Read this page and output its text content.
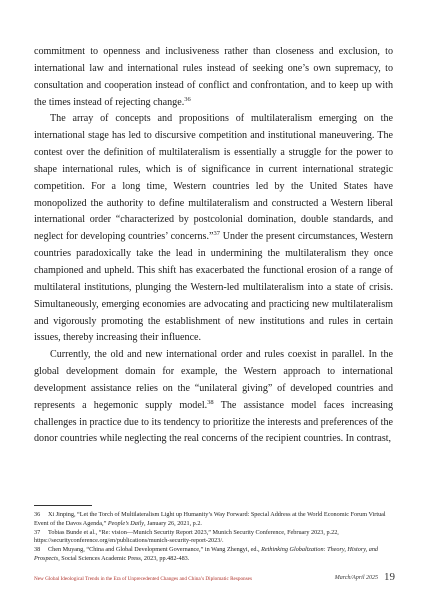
commitment to openness and inclusiveness rather than closeness and exclusion, to international law and international rules instead of seeking one’s own supremacy, to consultation and cooperation instead of conflict and confrontation, and to keep up with the times instead of rejecting change.$^{36}$

The array of concepts and propositions of multilateralism emerging on the international stage has led to discursive competition and institutional maneuvering. The contest over the definition of multilateralism is essentially a struggle for the power to shape international rules, which is of significance in current international strategic competition. For a long time, Western countries led by the United States have monopolized the authority to define multilateralism and constructed a Western liberal international order “characterized by postcolonial domination, double standards, and neglect for developing countries’ concerns.”$^{37}$ Under the present circumstances, Western countries paradoxically take the lead in undermining the multilateralism they once championed and upheld. This shift has exacerbated the functional erosion of a range of multilateral institutions, plunging the Western-led multilateralism into a state of crisis. Simultaneously, emerging economies are advocating and practicing new multilateralism and vigorously promoting the establishment of new institutions and rules in certain issues, thereby increasing their influence.

Currently, the old and new international order and rules coexist in parallel. In the global development domain for example, the Western approach to international development assistance relies on the “unilateral giving” of developed countries and represents a hegemonic supply model.$^{38}$ The assistance model faces increasing challenges in practice due to its tendency to prioritize the interests and preferences of the donor countries while neglecting the real concerns of the recipient countries. In contrast,

36 Xi Jinping, “Let the Torch of Multilateralism Light up Humanity’s Way Forward: Special Address at the World Economic Forum Virtual Event of the Davos Agenda,” People’s Daily, January 26, 2021, p.2.

37 Tobias Bunde et al., “Re: vision—Munich Security Report 2023,” Munich Security Conference, February 2023, p.22, https://securityconference.org/en/publications/munich-security-report-2023/.

38 Chen Muyang, “China and Global Development Governance,” in Wang Zhengyi, ed., Rethinking Globalization: Theory, History, and Prospects, Social Sciences Academic Press, 2023, pp.482-483.

New Global Ideological Trends in the Era of Unprecedented Changes and China’s Diplomatic Responses	March/April 2025 19
